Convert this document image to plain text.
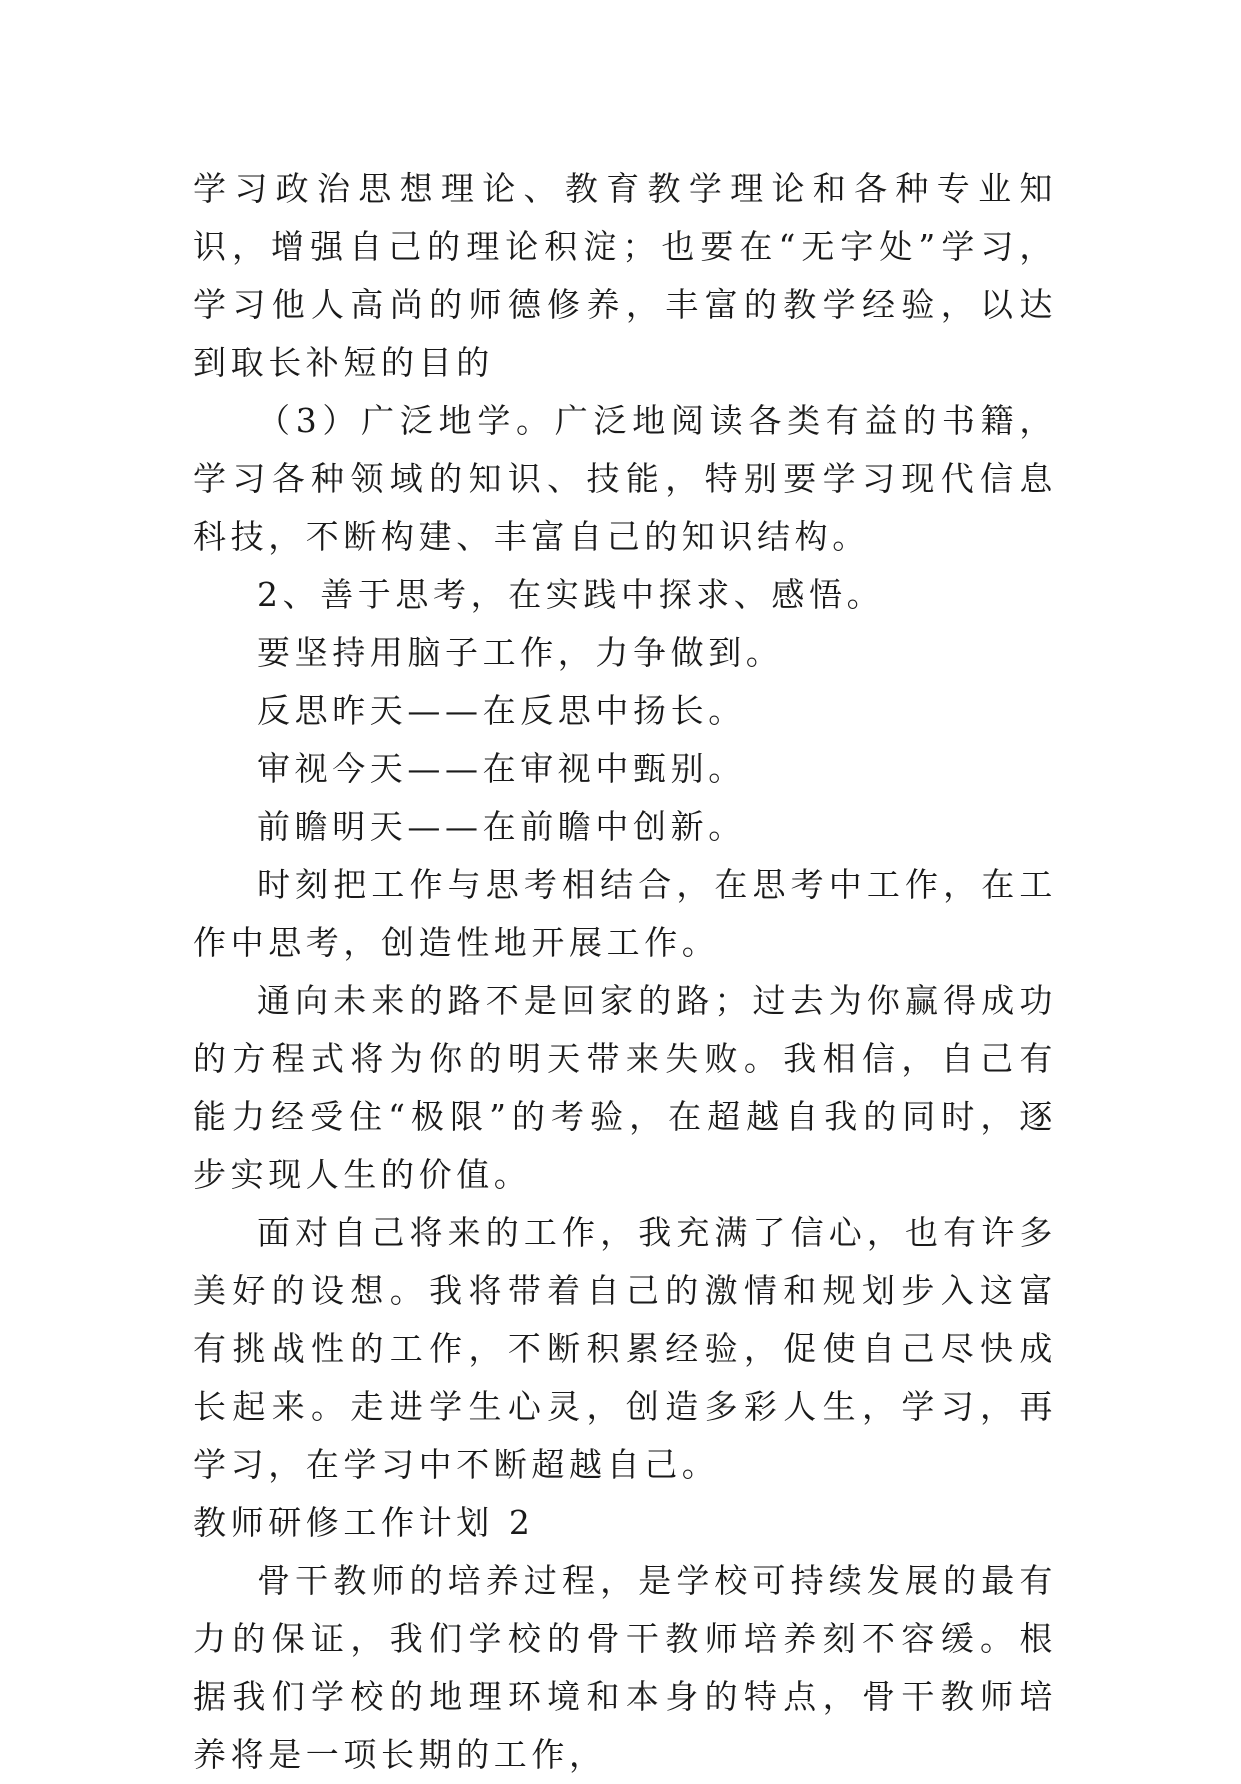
学习政治思想理论、教育教学理论和各种专业知识，增强自己的理论积淀；也要在“无字处”学习，学习他人高尚的师德修养，丰富的教学经验，以达到取长补短的目的

（3）广泛地学。广泛地阅读各类有益的书籍，学习各种领域的知识、技能，特别要学习现代信息科技，不断构建、丰富自己的知识结构。

2、善于思考，在实践中探求、感悟。

要坚持用脑子工作，力争做到。

反思昨天——在反思中扬长。

审视今天——在审视中甄别。

前瞻明天——在前瞻中创新。

时刻把工作与思考相结合，在思考中工作，在工作中思考，创造性地开展工作。

通向未来的路不是回家的路；过去为你赢得成功的方程式将为你的明天带来失败。我相信，自己有能力经受住“极限”的考验，在超越自我的同时，逐步实现人生的价值。

面对自己将来的工作，我充满了信心，也有许多美好的设想。我将带着自己的激情和规划步入这富有挑战性的工作，不断积累经验，促使自己尽快成长起来。走进学生心灵，创造多彩人生，学习，再学习，在学习中不断超越自己。

教师研修工作计划 2

骨干教师的培养过程，是学校可持续发展的最有力的保证，我们学校的骨干教师培养刻不容缓。根据我们学校的地理环境和本身的特点，骨干教师培养将是一项长期的工作，
